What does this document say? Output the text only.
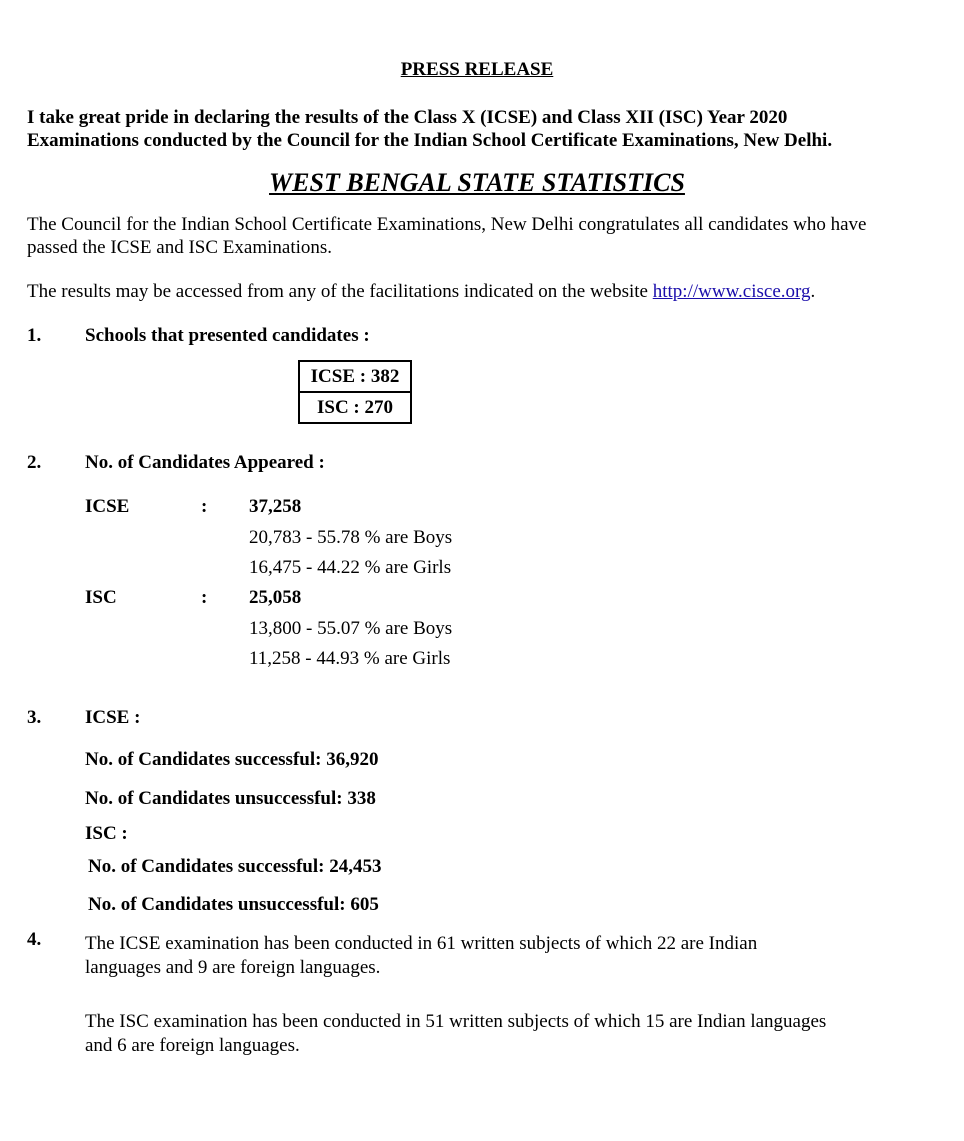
PRESS RELEASE
I take great pride in declaring the results of the Class X (ICSE) and Class XII (ISC) Year 2020
Examinations conducted by the Council for the Indian School Certificate Examinations, New Delhi.
WEST BENGAL STATE STATISTICS
The Council for the Indian School Certificate Examinations, New Delhi congratulates all candidates who have
passed the ICSE and ISC Examinations.
The results may be accessed from any of the facilitations indicated on the website http://www.cisce.org.
1. Schools that presented candidates :
ICSE : 382
ISC : 270
2. No. of Candidates Appeared :
ICSE	: 37,258
20,783 - 55.78 % are Boys
16,475 - 44.22 % are Girls
ISC	: 25,058
13,800 - 55.07 % are Boys
11,258 - 44.93 % are Girls
3. ICSE :
No. of Candidates successful: 36,920
No. of Candidates unsuccessful: 338
ISC :
No. of Candidates successful: 24,453
No. of Candidates unsuccessful: 605
4. The ICSE examination has been conducted in 61 written subjects of which 22 are Indian
languages and 9 are foreign languages.
The ISC examination has been conducted in 51 written subjects of which 15 are Indian languages
and 6 are foreign languages.
